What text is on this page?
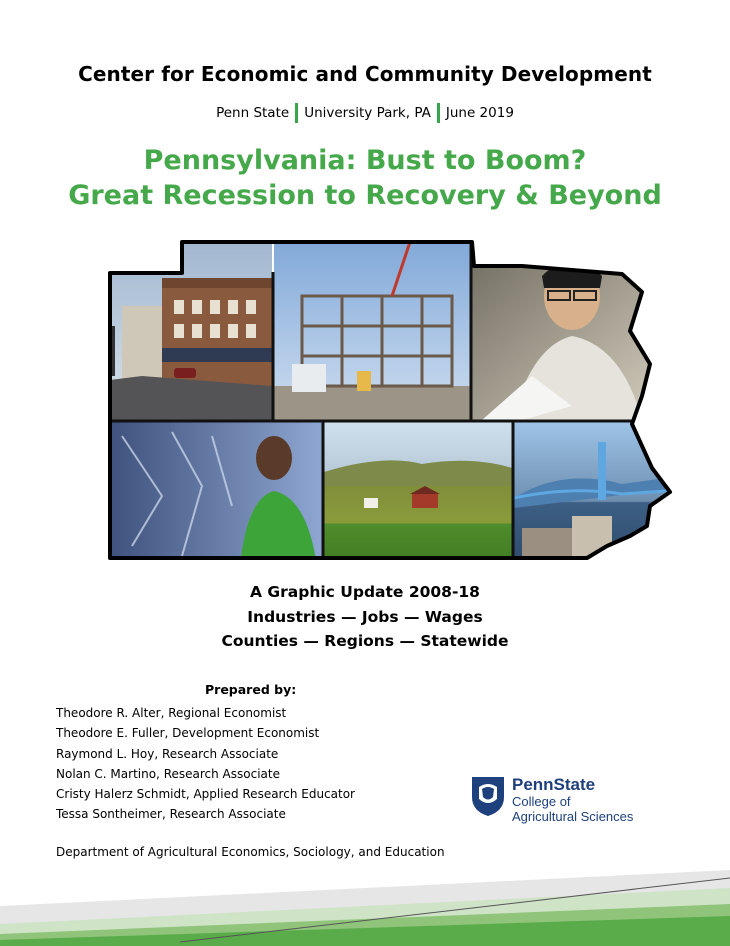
Center for Economic and Community Development
Penn State University Park, PA June 2019
Pennsylvania: Bust to Boom?
Great Recession to Recovery & Beyond
A Graphic Update 2008-18
Industries — Jobs — Wages
Counties — Regions — Statewide
Prepared by:
Theodore R. Alter, Regional Economist
Theodore E. Fuller, Development Economist
Raymond L. Hoy, Research Associate
Nolan C. Martino, Research Associate
Cristy Halerz Schmidt, Applied Research Educator
Tessa Sontheimer, Research Associate
Department of Agricultural Economics, Sociology, and Education
PennState
College of
Agricultural Sciences
